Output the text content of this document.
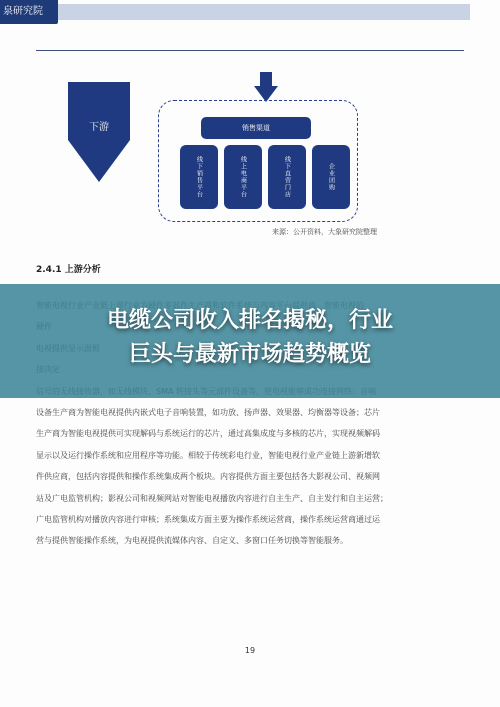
泉研究院
下游	销售渠道
线下销售平台	线上电商平台	线下直营门店	企业团购
来源：公开资料，大象研究院整理
2.4.1 上游分析
设备生产商为智能电视提供内嵌式电子音响装置，如功放、扬声器、效果器、均衡器等设备；芯片
生产商为智能电视提供可实现解码与系统运行的芯片，通过高集成度与多核的芯片，实现视频解码
显示以及运行操作系统和应用程序等功能。相较于传统彩电行业，智能电视行业产业链上游新增软
件供应商，包括内容提供和操作系统集成两个板块。内容提供方面主要包括各大影视公司、视频网
站及广电监管机构；影视公司和视频网站对智能电视播放内容进行自主生产、自主发行和自主运营；
广电监管机构对播放内容进行审核；系统集成方面主要为操作系统运营商，操作系统运营商通过运
营与提供智能操作系统，为电视提供流媒体内容、自定义、多窗口任务切换等智能服务。
19
电缆公司收入排名揭秘，行业
巨头与最新市场趋势概览
